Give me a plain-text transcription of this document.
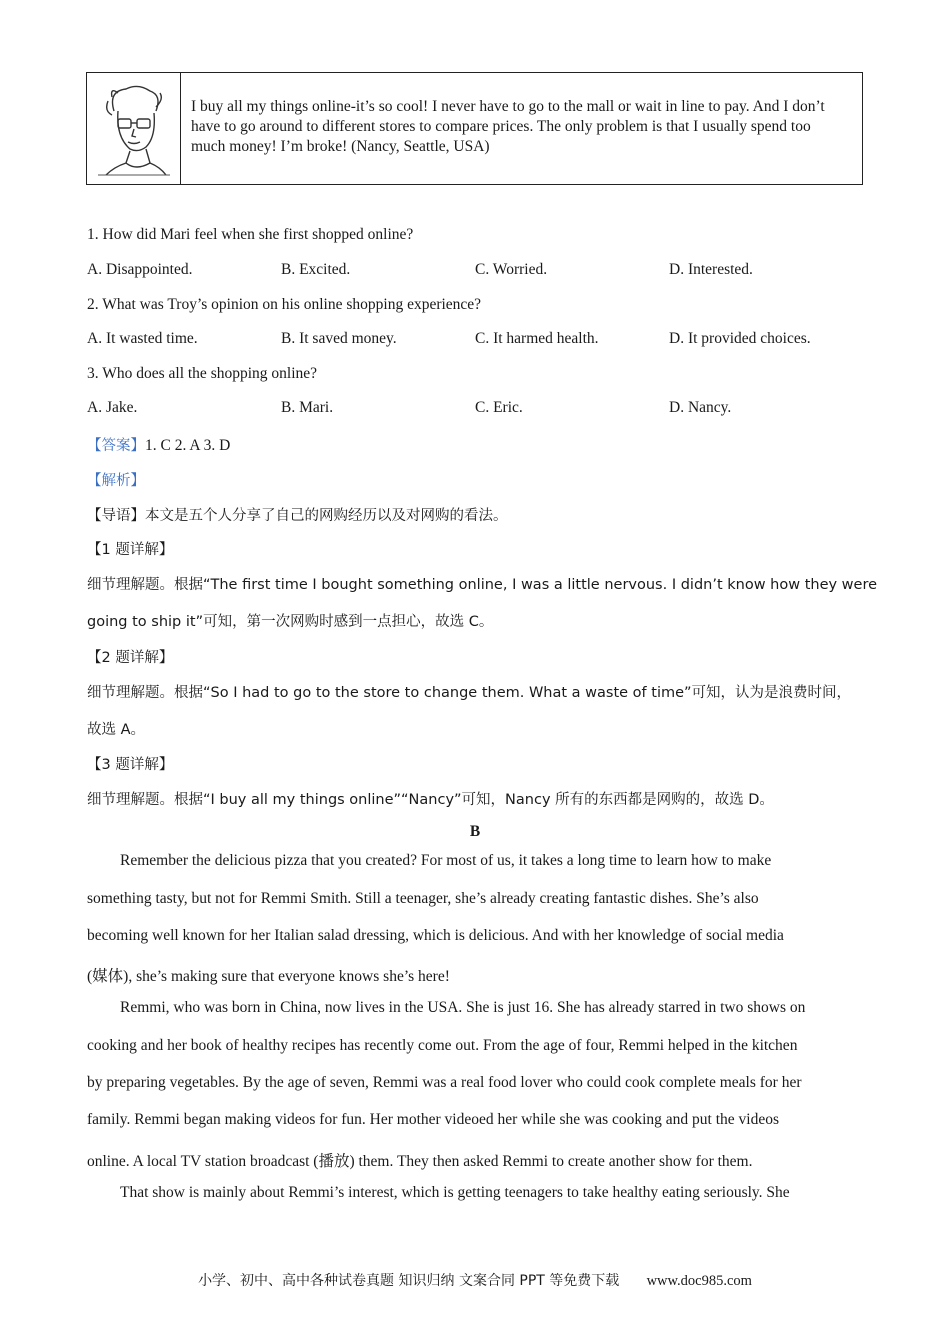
I buy all my things online-it’s so cool! I never have to go to the mall or wait in line to pay. And I don’t have to go around to different stores to compare prices. The only problem is that I usually spend too much money! I’m broke! (Nancy, Seattle, USA)
1. How did Mari feel when she first shopped online?
A. Disappointed.	B. Excited.	C. Worried.	D. Interested.
2. What was Troy’s opinion on his online shopping experience?
A. It wasted time.	B. It saved money.	C. It harmed health.	D. It provided choices.
3. Who does all the shopping online?
A. Jake.	B. Mari.	C. Eric.	D. Nancy.
【答案】1. C 2. A 3. D
【解析】
【导语】本文是五个人分享了自己的网购经历以及对网购的看法。
【1 题详解】
细节理解题。根据“The first time I bought something online, I was a little nervous. I didn’t know how they were
going to ship it”可知，第一次网购时感到一点担心，故选 C。
【2 题详解】
细节理解题。根据“So I had to go to the store to change them. What a waste of time”可知，认为是浪费时间，
故选 A。
【3 题详解】
细节理解题。根据“I buy all my things online”“Nancy”可知，Nancy 所有的东西都是网购的，故选 D。
B
Remember the delicious pizza that you created? For most of us, it takes a long time to learn how to make
something tasty, but not for Remmi Smith. Still a teenager, she’s already creating fantastic dishes. She’s also
becoming well known for her Italian salad dressing, which is delicious. And with her knowledge of social media
(媒体), she’s making sure that everyone knows she’s here!
Remmi, who was born in China, now lives in the USA. She is just 16. She has already starred in two shows on
cooking and her book of healthy recipes has recently come out. From the age of four, Remmi helped in the kitchen
by preparing vegetables. By the age of seven, Remmi was a real food lover who could cook complete meals for her
family. Remmi began making videos for fun. Her mother videoed her while she was cooking and put the videos
online. A local TV station broadcast (播放) them. They then asked Remmi to create another show for them.
That show is mainly about Remmi’s interest, which is getting teenagers to take healthy eating seriously. She
小学、初中、高中各种试卷真题 知识归纳 文案合同 PPT 等免费下载 www.doc985.com
